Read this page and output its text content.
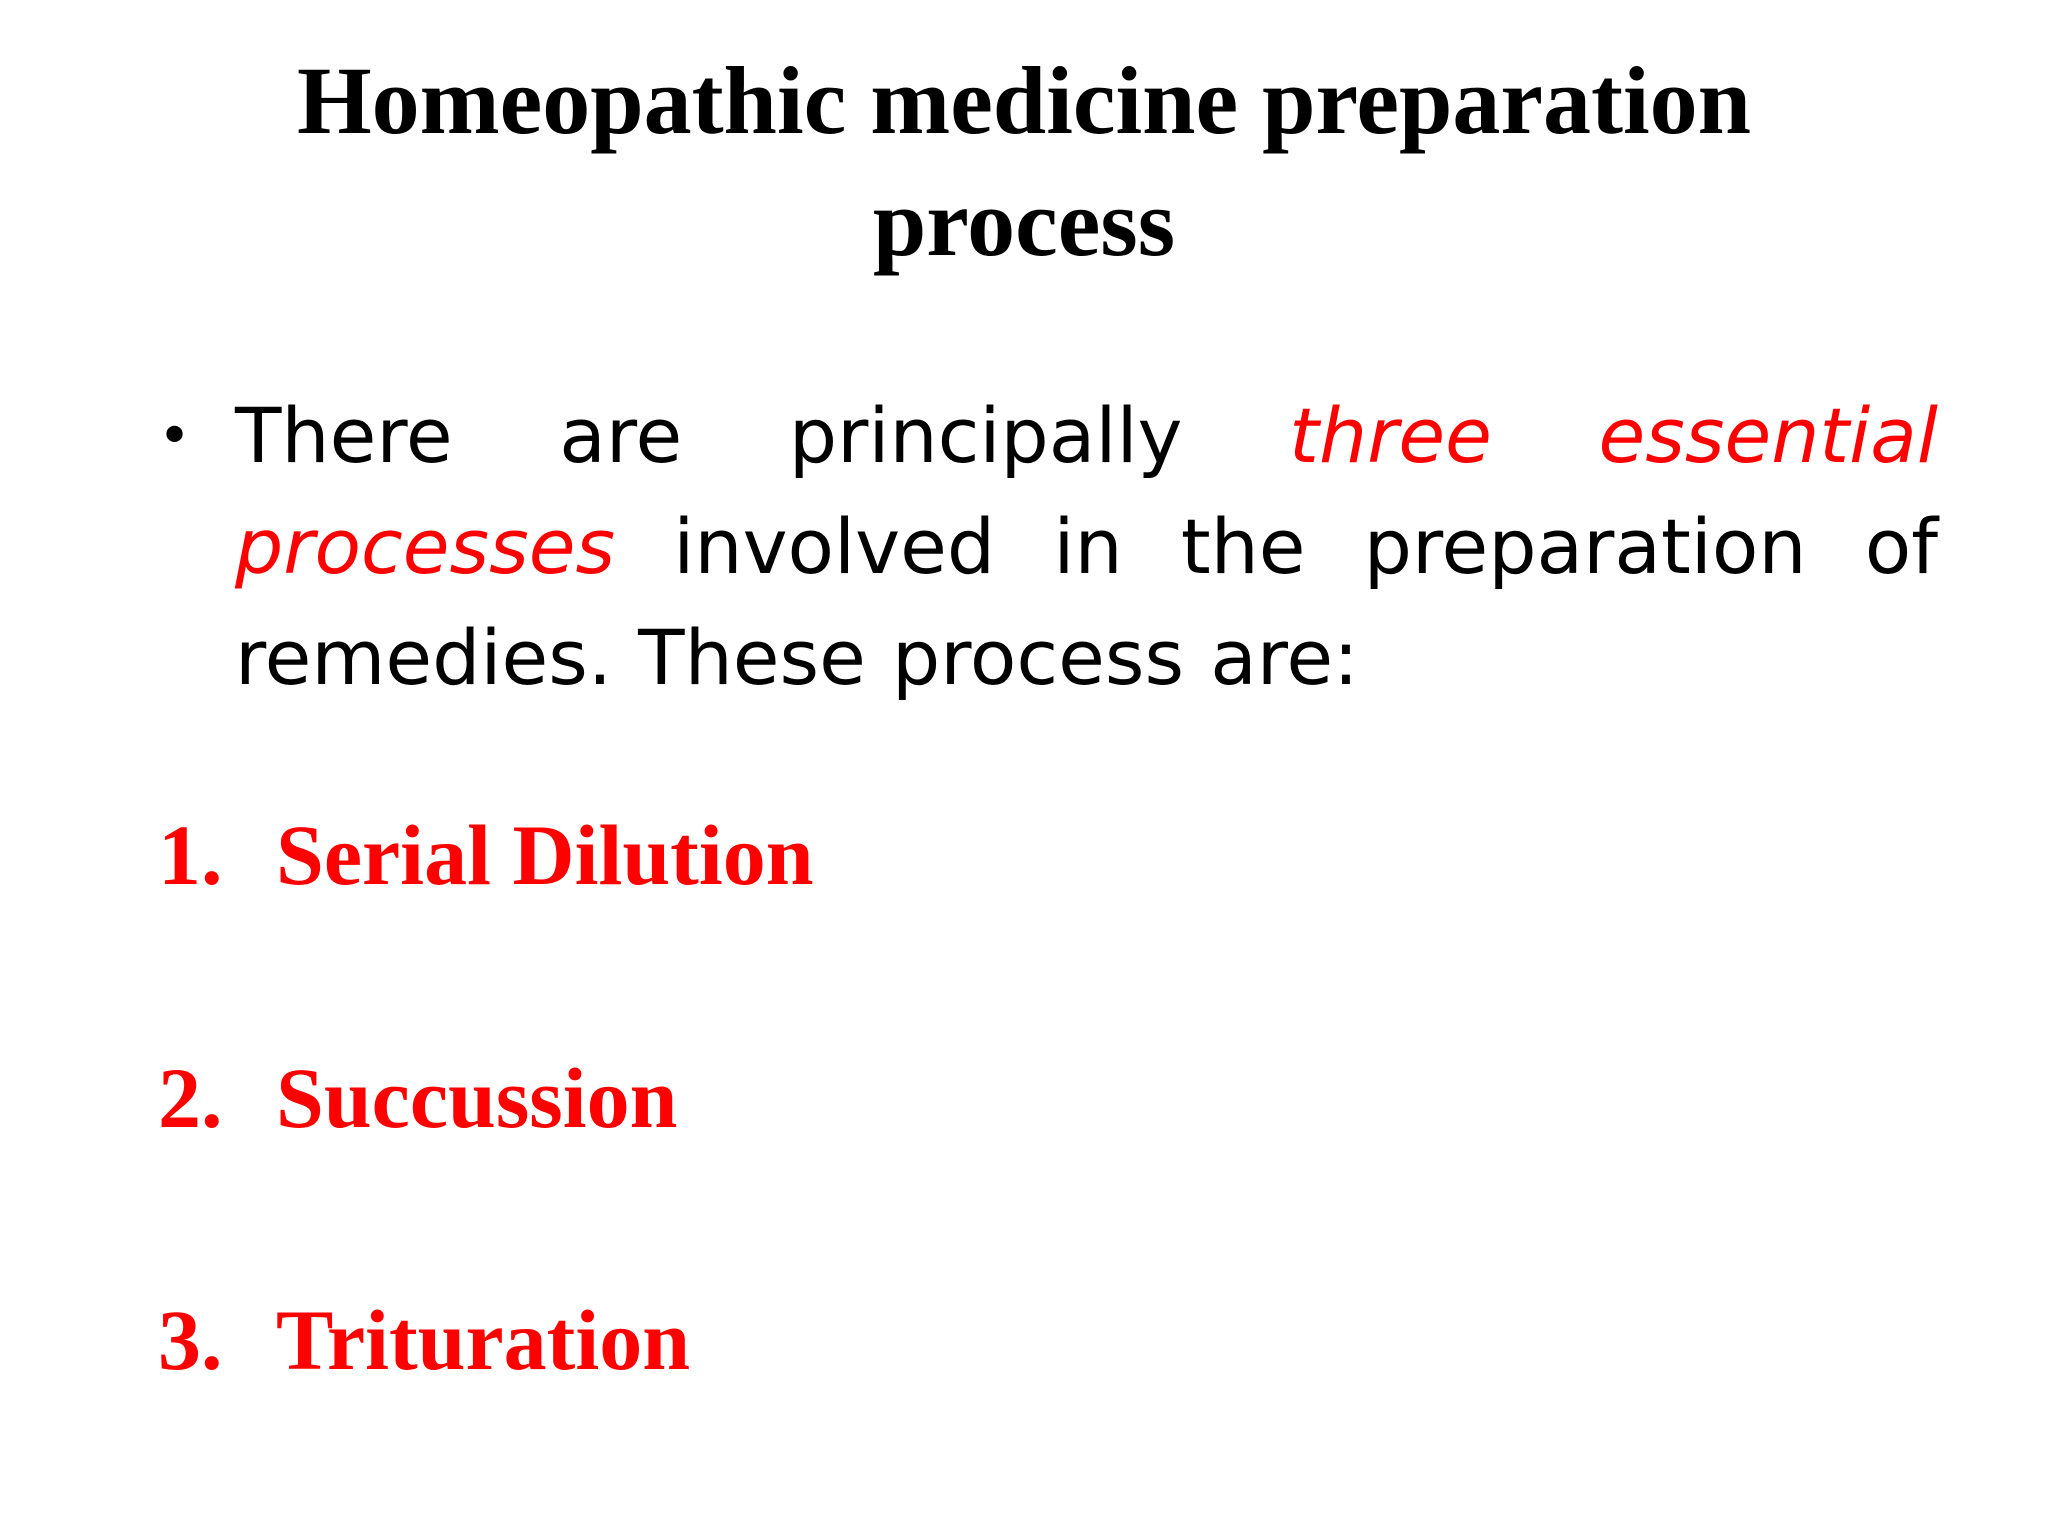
Homeopathic medicine preparation process
• There are principally three essential processes involved in the preparation of remedies. These process are:
1. Serial Dilution
2. Succussion
3. Trituration
